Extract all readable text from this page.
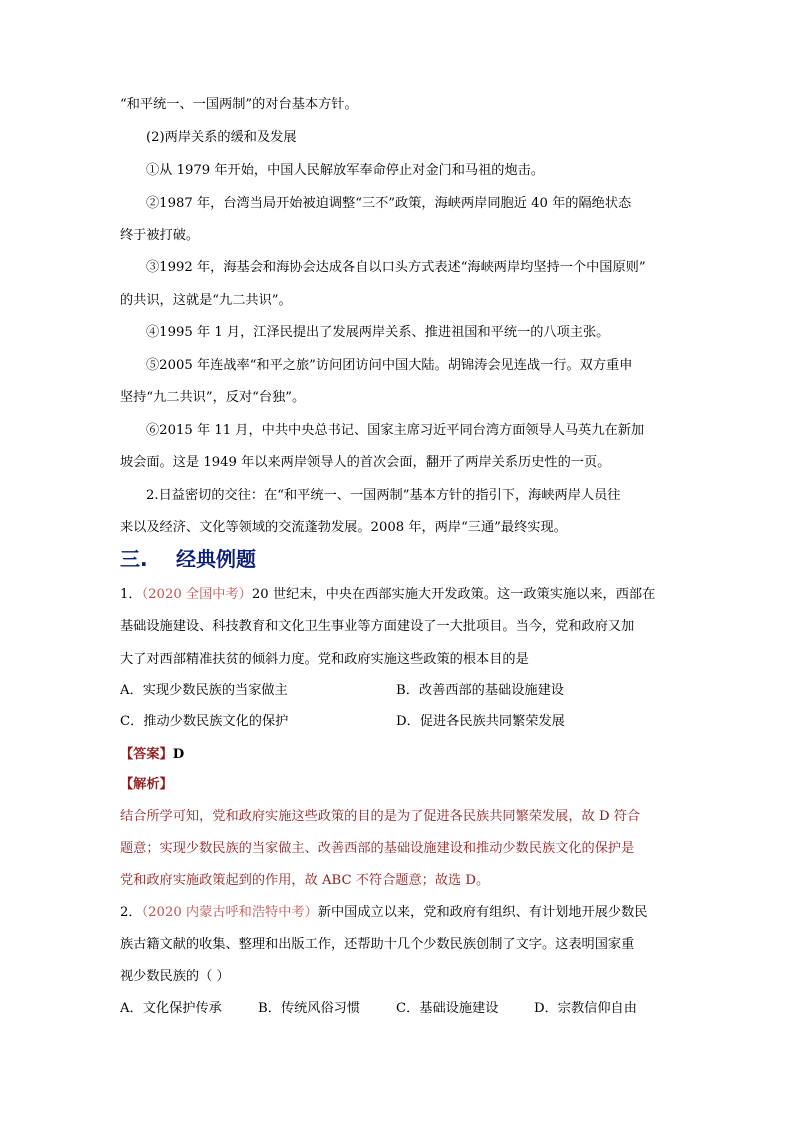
“和平统一、一国两制”的对台基本方针。
(2)两岸关系的缓和及发展
①从 1979 年开始，中国人民解放军奉命停止对金门和马祖的炮击。
②1987 年，台湾当局开始被迫调整“三不”政策，海峡两岸同胞近 40 年的隔绝状态
终于被打破。
③1992 年，海基会和海协会达成各自以口头方式表述“海峡两岸均坚持一个中国原则”
的共识，这就是“九二共识”。
④1995 年 1 月，江泽民提出了发展两岸关系、推进祖国和平统一的八项主张。
⑤2005 年连战率“和平之旅”访问团访问中国大陆。胡锦涛会见连战一行。双方重申
坚持“九二共识”，反对“台独”。
⑥2015 年 11 月，中共中央总书记、国家主席习近平同台湾方面领导人马英九在新加
坡会面。这是 1949 年以来两岸领导人的首次会面，翻开了两岸关系历史性的一页。
2.日益密切的交往：在“和平统一、一国两制”基本方针的指引下，海峡两岸人员往
来以及经济、文化等领域的交流蓬勃发展。2008 年，两岸“三通”最终实现。
三. 经典例题
1．（2020 全国中考）20 世纪末，中央在西部实施大开发政策。这一政策实施以来，西部在
基础设施建设、科技教育和文化卫生事业等方面建设了一大批项目。当今，党和政府又加
大了对西部精准扶贫的倾斜力度。党和政府实施这些政策的根本目的是
A．实现少数民族的当家做主	B．改善西部的基础设施建设
C．推动少数民族文化的保护	D．促进各民族共同繁荣发展
【答案】D
【解析】
结合所学可知，党和政府实施这些政策的目的是为了促进各民族共同繁荣发展，故 D 符合
题意；实现少数民族的当家做主、改善西部的基础设施建设和推动少数民族文化的保护是
党和政府实施政策起到的作用，故 ABC 不符合题意；故选 D。
2．（2020 内蒙古呼和浩特中考）新中国成立以来，党和政府有组织、有计划地开展少数民
族古籍文献的收集、整理和出版工作，还帮助十几个少数民族创制了文字。这表明国家重
视少数民族的（ ）
A．文化保护传承	B．传统风俗习惯	C．基础设施建设	D．宗教信仰自由
